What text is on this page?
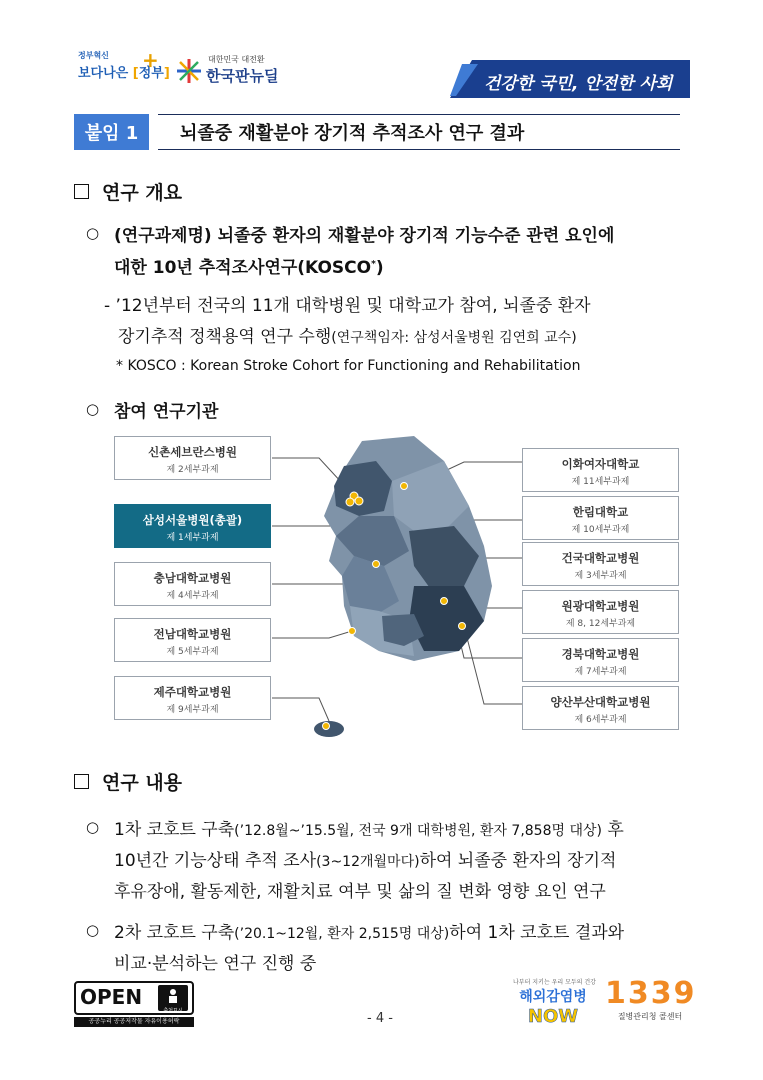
정부혁신
보다나은 [정부]
+	대한민국 대전환
한국판뉴딜	건강한 국민, 안전한 사회
붙임 1	뇌졸중 재활분야 장기적 추적조사 연구 결과
연구 개요
○ (연구과제명) 뇌졸중 환자의 재활분야 장기적 기능수준 관련 요인에
대한 10년 추적조사연구(KOSCO*)
- ’12년부터 전국의 11개 대학병원 및 대학교가 참여, 뇌졸중 환자
장기추적 정책용역 연구 수행(연구책임자: 삼성서울병원 김연희 교수)
* KOSCO : Korean Stroke Cohort for Functioning and Rehabilitation
○ 참여 연구기관
신촌세브란스병원
제 2세부과제
삼성서울병원(총괄)
제 1세부과제
충남대학교병원
제 4세부과제
전남대학교병원
제 5세부과제
제주대학교병원
제 9세부과제
이화여자대학교
제 11세부과제
한림대학교
제 10세부과제
건국대학교병원
제 3세부과제
원광대학교병원
제 8, 12세부과제
경북대학교병원
제 7세부과제
양산부산대학교병원
제 6세부과제
연구 내용
○ 1차 코호트 구축(’12.8월~’15.5월, 전국 9개 대학병원, 환자 7,858명 대상) 후
10년간 기능상태 추적 조사(3~12개월마다)하여 뇌졸중 환자의 장기적
후유장애, 활동제한, 재활치료 여부 및 삶의 질 변화 영향 요인 연구
○ 2차 코호트 구축(’20.1~12월, 환자 2,515명 대상)하여 1차 코호트 결과와
비교·분석하는 연구 진행 중
OPEN
출처표시
공공누리 공공저작물 자유이용허락	- 4 -
나부터 지키는 우리 모두의 건강
해외감염병
NOW
1339
질병관리청 콜센터
